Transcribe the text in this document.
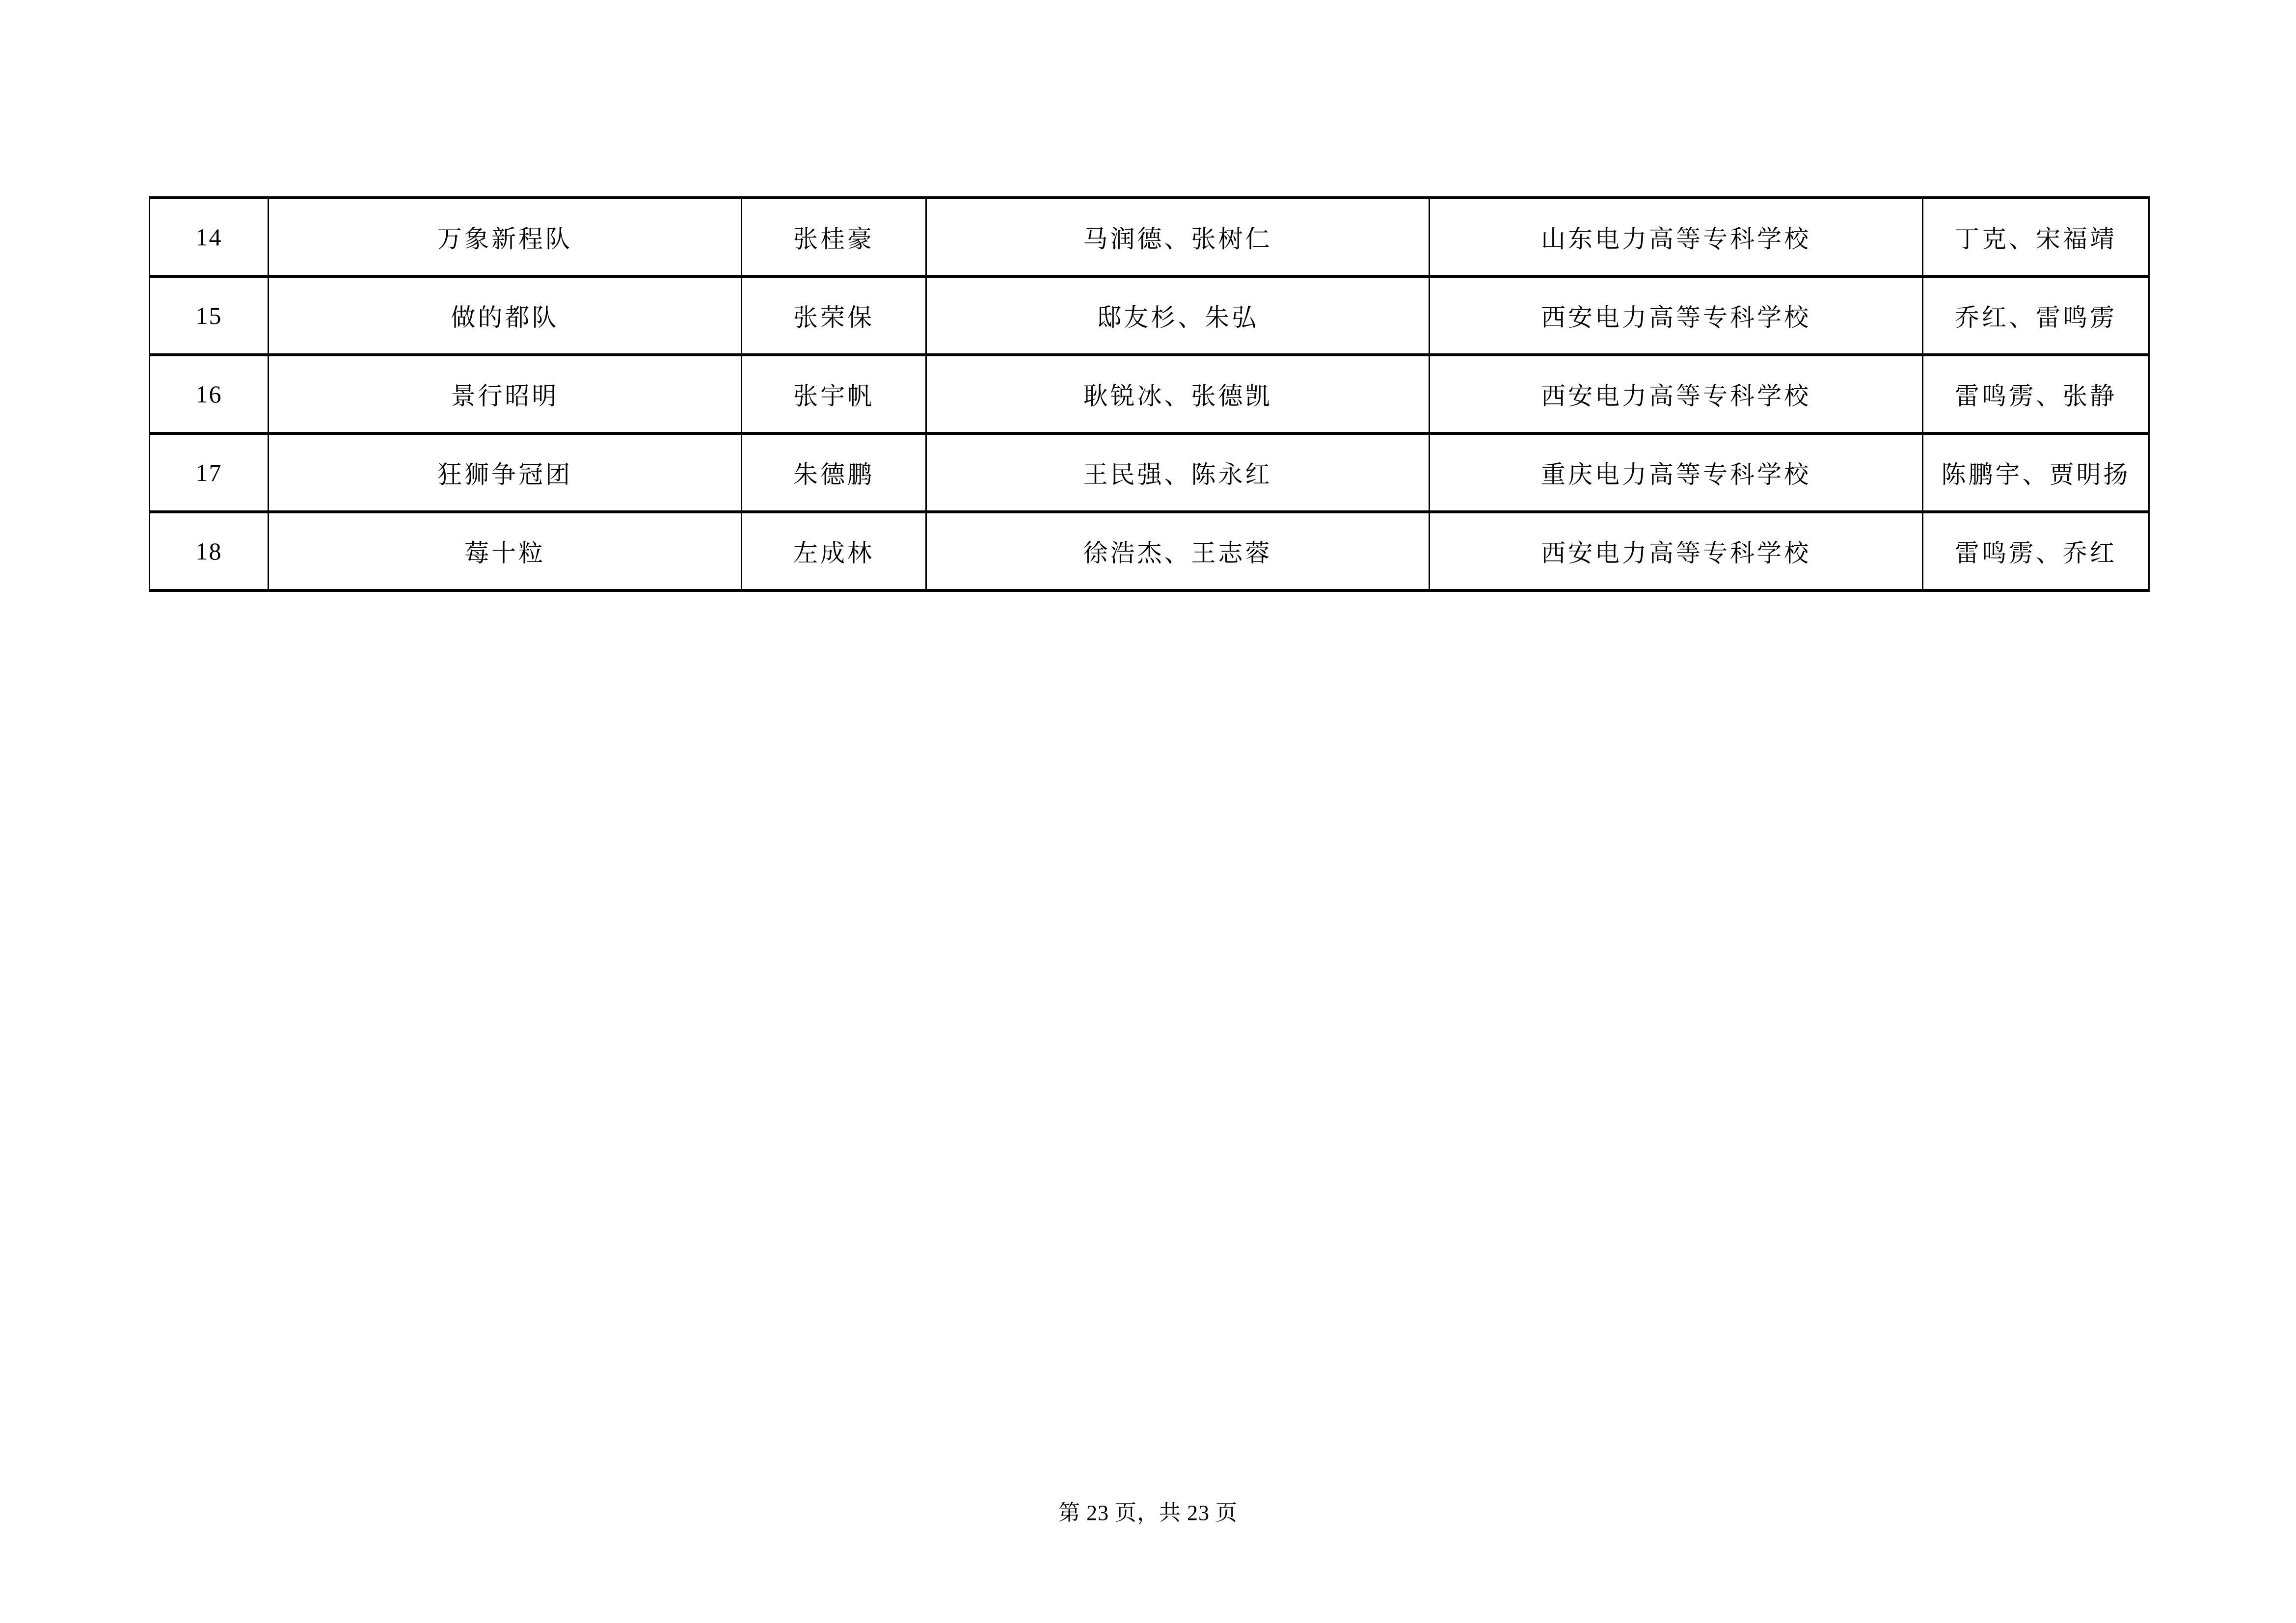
14	万象新程队	张桂豪	马润德、张树仁	山东电力高等专科学校	丁克、宋福靖
15	做的都队	张荣保	邸友杉、朱弘	西安电力高等专科学校	乔红、雷鸣雳
16	景行昭明	张宇帆	耿锐冰、张德凯	西安电力高等专科学校	雷鸣雳、张静
17	狂狮争冠团	朱德鹏	王民强、陈永红	重庆电力高等专科学校	陈鹏宇、贾明扬
18	莓十粒	左成林	徐浩杰、王志蓉	西安电力高等专科学校	雷鸣雳、乔红
第 23 页，共 23 页
